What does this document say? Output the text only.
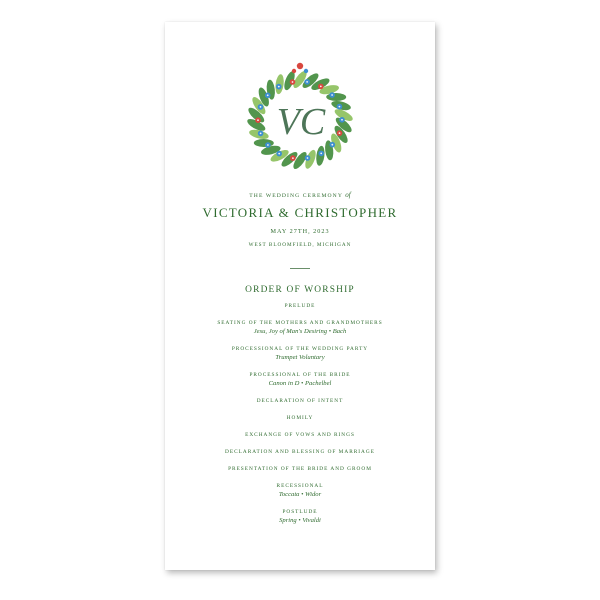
VC
THE WEDDING CEREMONY of
VICTORIA & CHRISTOPHER
MAY 27TH, 2023
WEST BLOOMFIELD, MICHIGAN
ORDER OF WORSHIP
PRELUDE
SEATING OF THE MOTHERS AND GRANDMOTHERS
Jesu, Joy of Man's Desiring • Bach
PROCESSIONAL OF THE WEDDING PARTY
Trumpet Voluntary
PROCESSIONAL OF THE BRIDE
Canon in D • Pachelbel
DECLARATION OF INTENT
HOMILY
EXCHANGE OF VOWS AND RINGS
DECLARATION AND BLESSING OF MARRIAGE
PRESENTATION OF THE BRIDE AND GROOM
RECESSIONAL
Toccata • Widor
POSTLUDE
Spring • Vivaldi
